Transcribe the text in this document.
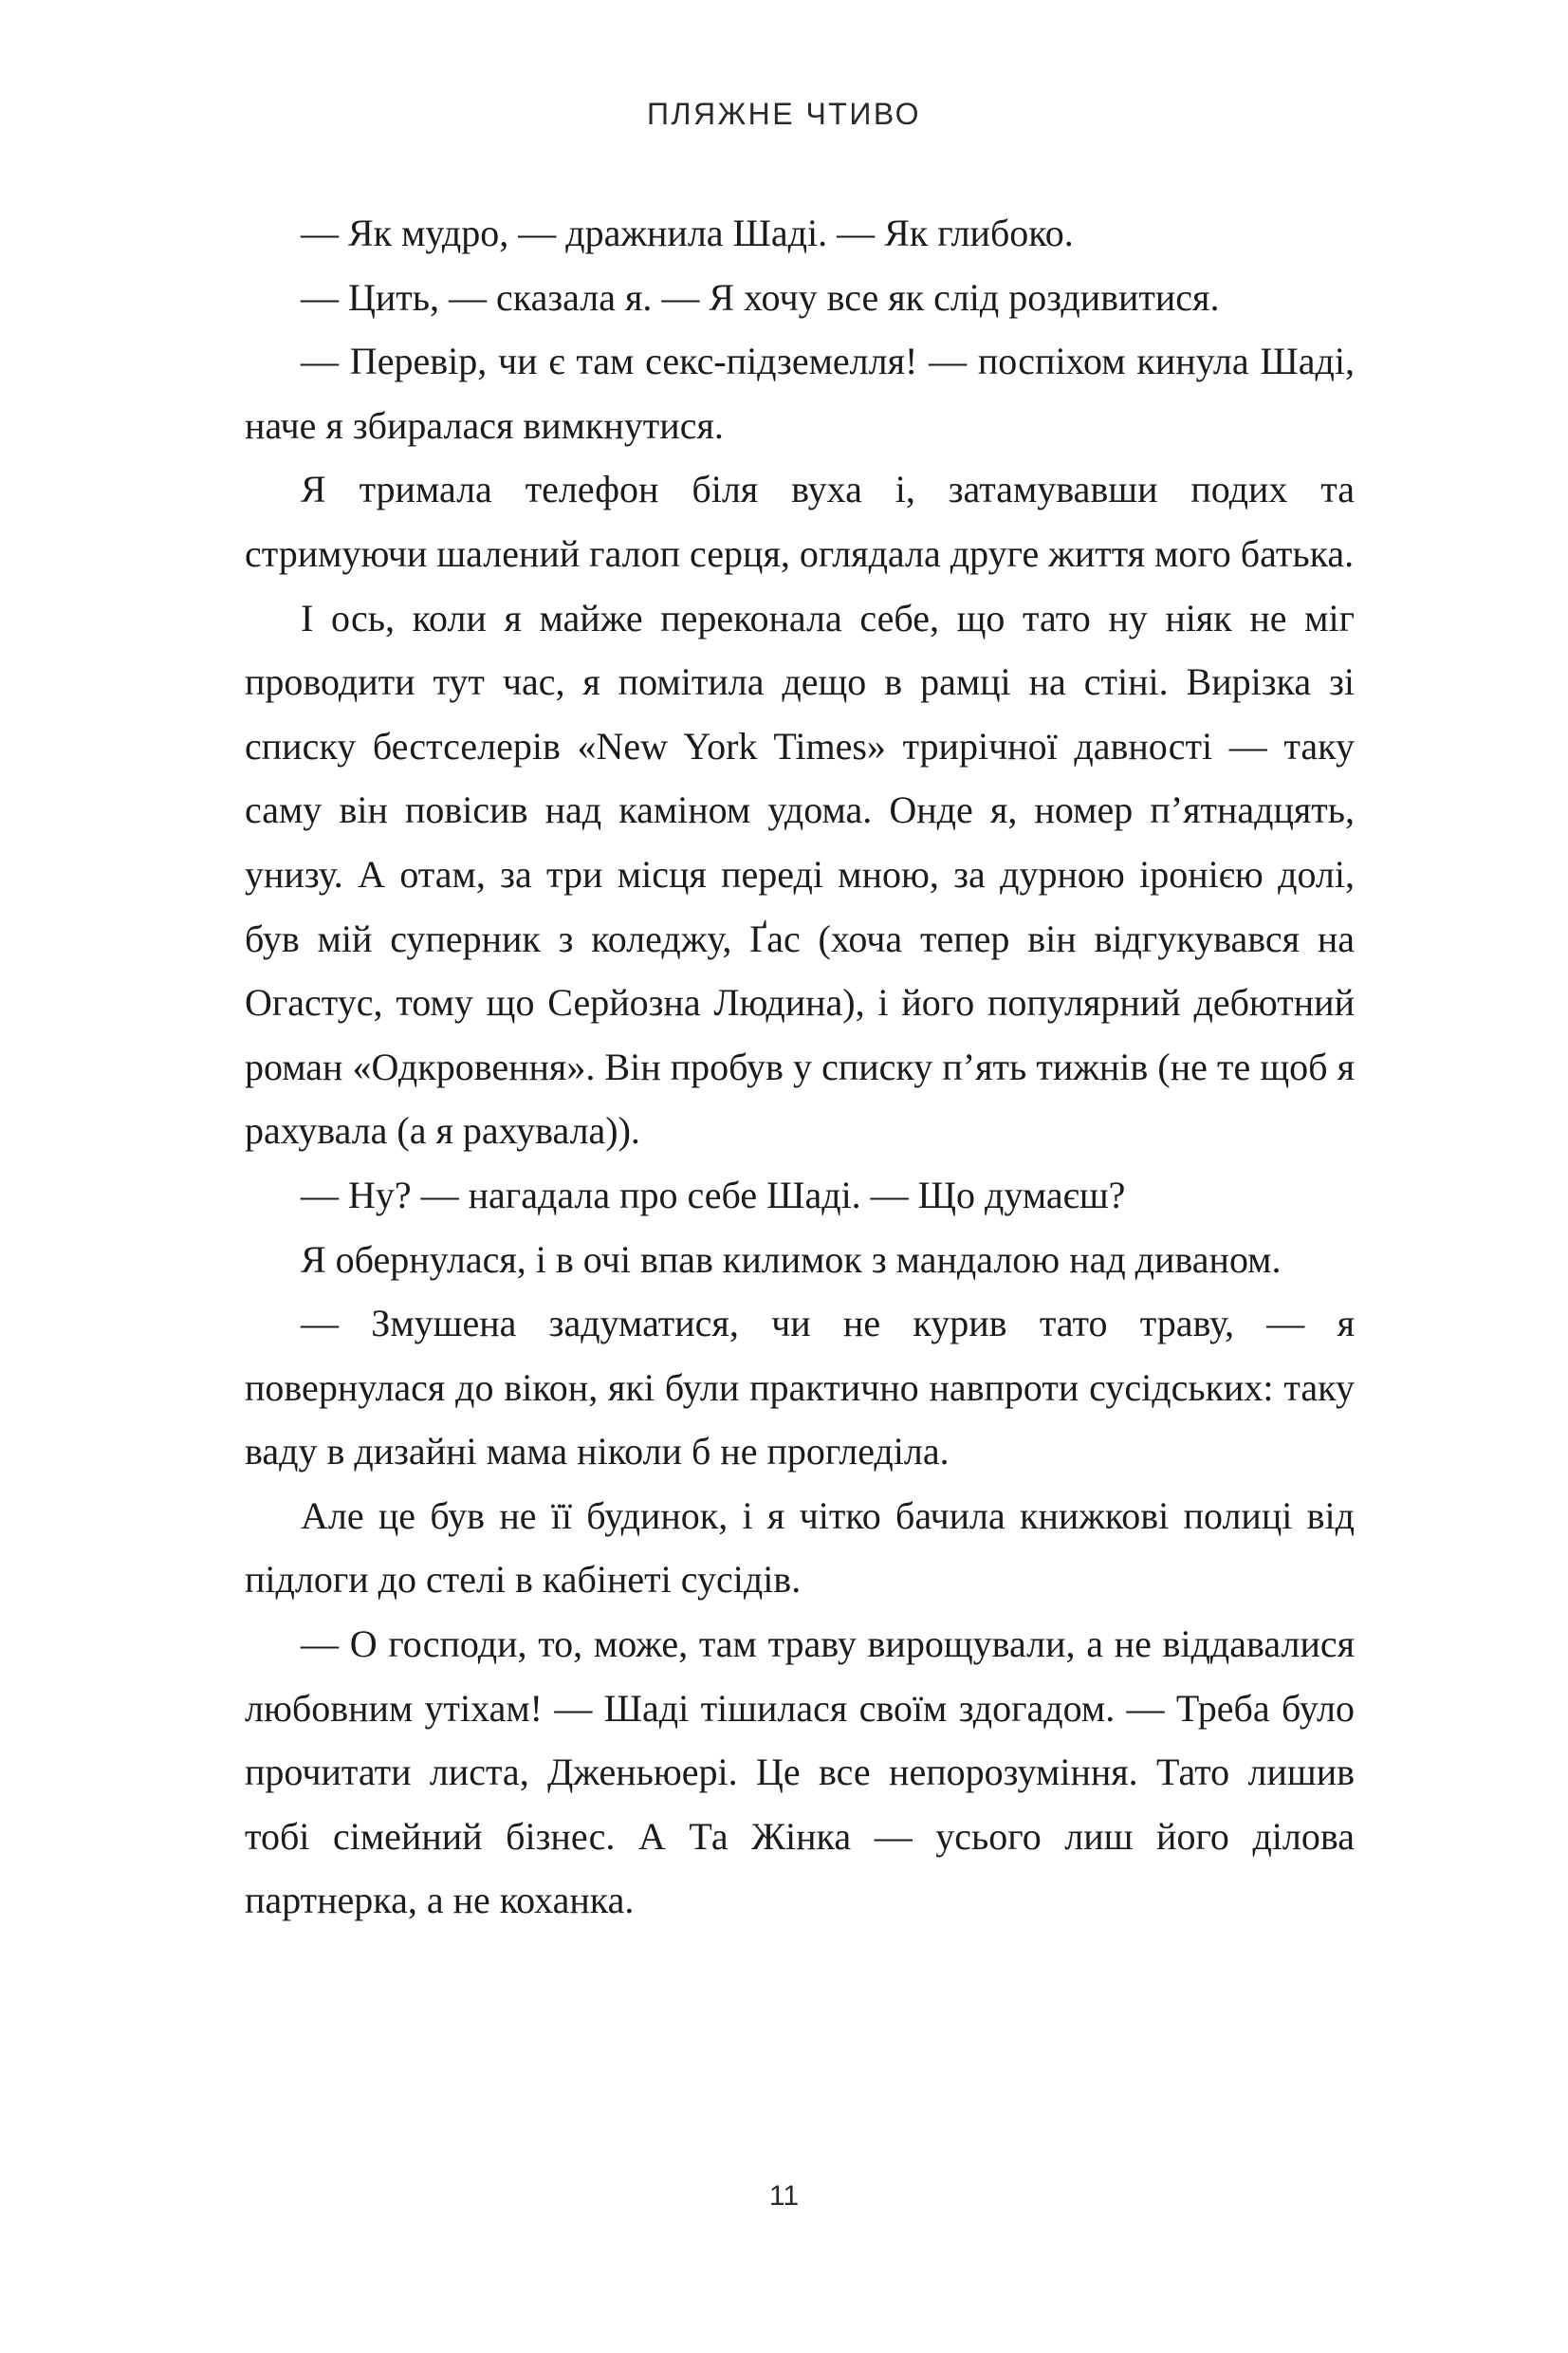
ПЛЯЖНЕ ЧТИВО

— Як мудро, — дражнила Шаді. — Як глибоко.

— Цить, — сказала я. — Я хочу все як слід роздивитися.

— Перевір, чи є там секс-підземелля! — поспіхом кинула Шаді, наче я збиралася вимкнутися.

Я тримала телефон біля вуха і, затамувавши подих та стримуючи шалений галоп серця, оглядала друге життя мого батька.

І ось, коли я майже переконала себе, що тато ну ніяк не міг проводити тут час, я помітила дещо в рамці на стіні. Вирізка зі списку бестселерів «New York Times» трирічної давності — таку саму він повісив над каміном удома. Онде я, номер п’ятнадцять, унизу. А отам, за три місця переді мною, за дурною іронією долі, був мій суперник з коледжу, Ґас (хоча тепер він відгукувався на Огастус, тому що Серйозна Людина), і його популярний дебютний роман «Одкровення». Він пробув у списку п’ять тижнів (не те щоб я рахувала (а я рахувала)).

— Ну? — нагадала про себе Шаді. — Що думаєш?

Я обернулася, і в очі впав килимок з мандалою над диваном.

— Змушена задуматися, чи не курив тато траву, — я повернулася до вікон, які були практично навпроти сусідських: таку ваду в дизайні мама ніколи б не прогледіла.

Але це був не її будинок, і я чітко бачила книжкові полиці від підлоги до стелі в кабінеті сусідів.

— О господи, то, може, там траву вирощували, а не віддавалися любовним утіхам! — Шаді тішилася своїм здогадом. — Треба було прочитати листа, Дженьюері. Це все непорозуміння. Тато лишив тобі сімейний бізнес. А Та Жінка — усього лиш його ділова партнерка, а не коханка.

11
